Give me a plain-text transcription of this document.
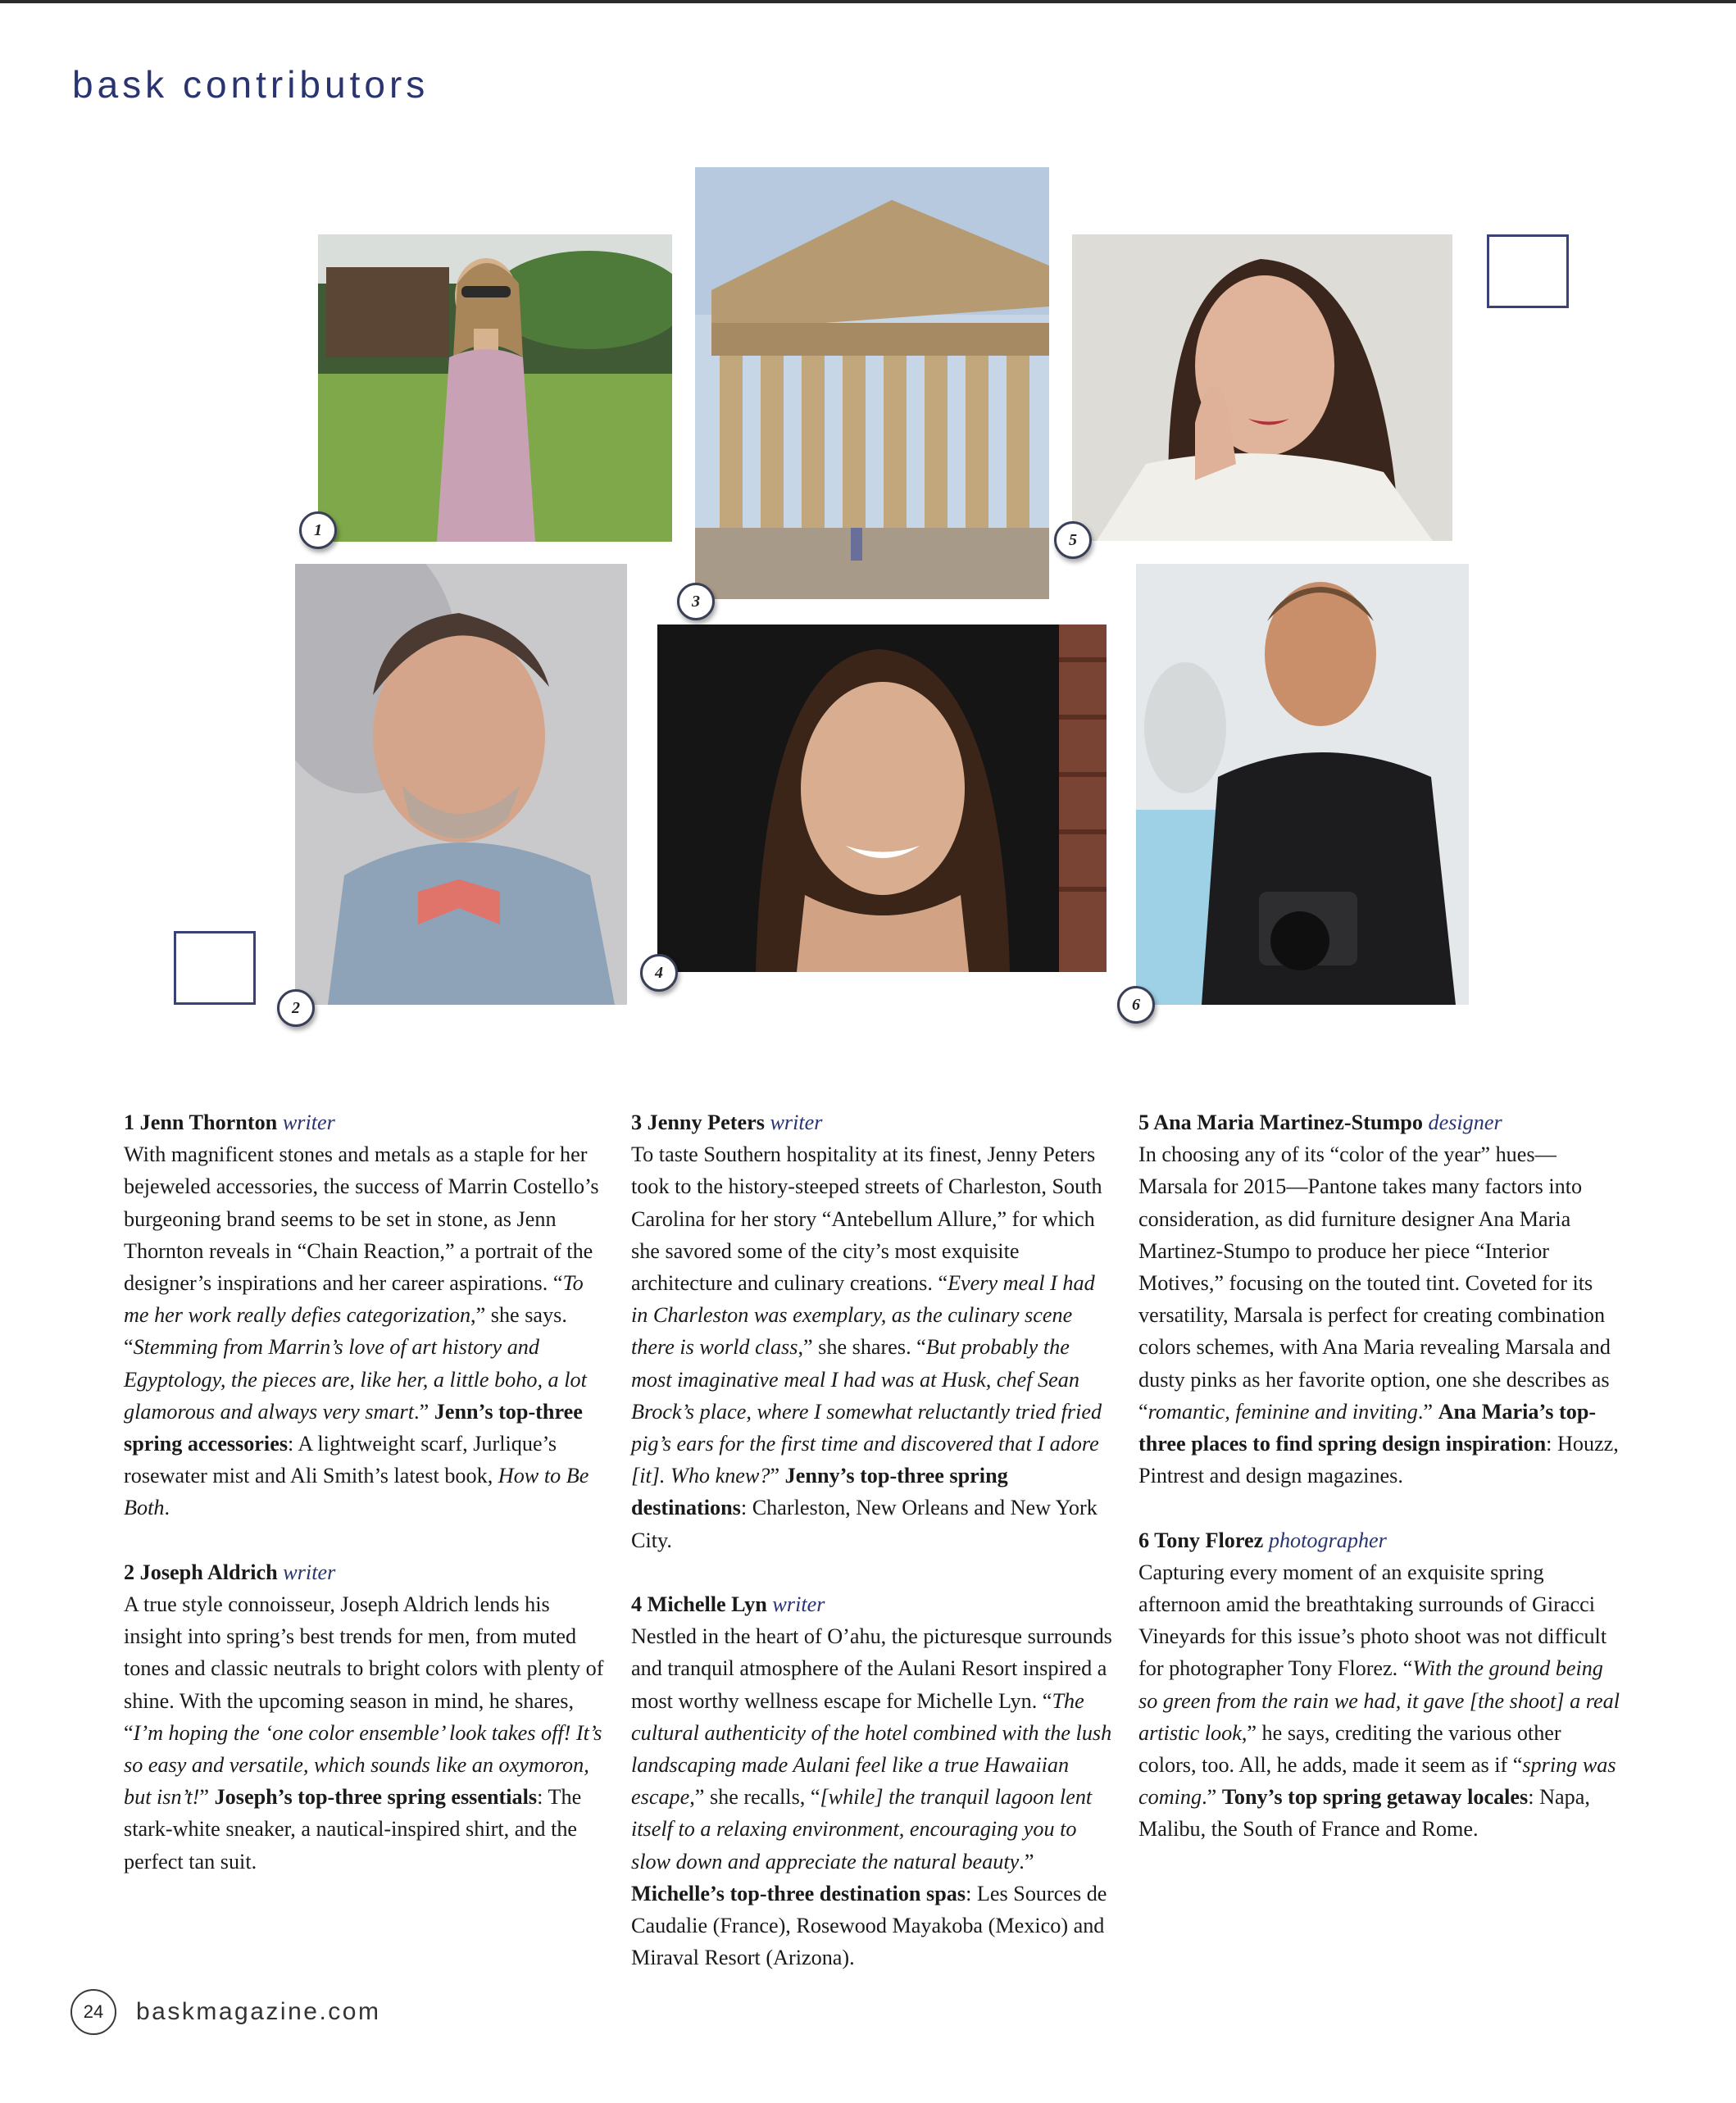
bask contributors
1
2
3
4
5
6

1 Jenn Thornton writer
With magnificent stones and metals as a staple for her bejeweled accessories, the success of Marrin Costello’s burgeoning brand seems to be set in stone, as Jenn Thornton reveals in “Chain Reaction,” a portrait of the designer’s inspirations and her career aspirations. “To me her work really defies categorization,” she says. “Stemming from Marrin’s love of art history and Egyptology, the pieces are, like her, a little boho, a lot glamorous and always very smart.” Jenn’s top-three spring accessories: A lightweight scarf, Jurlique’s rosewater mist and Ali Smith’s latest book, How to Be Both.

2 Joseph Aldrich writer
A true style connoisseur, Joseph Aldrich lends his insight into spring’s best trends for men, from muted tones and classic neutrals to bright colors with plenty of shine. With the upcoming season in mind, he shares, “I’m hoping the ‘one color ensemble’ look takes off! It’s so easy and versatile, which sounds like an oxymoron, but isn’t!” Joseph’s top-three spring essentials: The stark-white sneaker, a nautical-inspired shirt, and the perfect tan suit.

3 Jenny Peters writer
To taste Southern hospitality at its finest, Jenny Peters took to the history-steeped streets of Charleston, South Carolina for her story “Antebellum Allure,” for which she savored some of the city’s most exquisite architecture and culinary creations. “Every meal I had in Charleston was exemplary, as the culinary scene there is world class,” she shares. “But probably the most imaginative meal I had was at Husk, chef Sean Brock’s place, where I somewhat reluctantly tried fried pig’s ears for the first time and discovered that I adore [it]. Who knew?” Jenny’s top-three spring destinations: Charleston, New Orleans and New York City.

4 Michelle Lyn writer
Nestled in the heart of O’ahu, the picturesque surrounds and tranquil atmosphere of the Aulani Resort inspired a most worthy wellness escape for Michelle Lyn. “The cultural authenticity of the hotel combined with the lush landscaping made Aulani feel like a true Hawaiian escape,” she recalls, “[while] the tranquil lagoon lent itself to a relaxing environment, encouraging you to slow down and appreciate the natural beauty.” Michelle’s top-three destination spas: Les Sources de Caudalie (France), Rosewood Mayakoba (Mexico) and Miraval Resort (Arizona).

5 Ana Maria Martinez-Stumpo designer
In choosing any of its “color of the year” hues—Marsala for 2015—Pantone takes many factors into consideration, as did furniture designer Ana Maria Martinez-Stumpo to produce her piece “Interior Motives,” focusing on the touted tint. Coveted for its versatility, Marsala is perfect for creating combination colors schemes, with Ana Maria revealing Marsala and dusty pinks as her favorite option, one she describes as “romantic, feminine and inviting.” Ana Maria’s top-three places to find spring design inspiration: Houzz, Pintrest and design magazines.

6 Tony Florez photographer
Capturing every moment of an exquisite spring afternoon amid the breathtaking surrounds of Giracci Vineyards for this issue’s photo shoot was not difficult for photographer Tony Florez. “With the ground being so green from the rain we had, it gave [the shoot] a real artistic look,” he says, crediting the various other colors, too. All, he adds, made it seem as if “spring was coming.” Tony’s top spring getaway locales: Napa, Malibu, the South of France and Rome.

24	baskmagazine.com
